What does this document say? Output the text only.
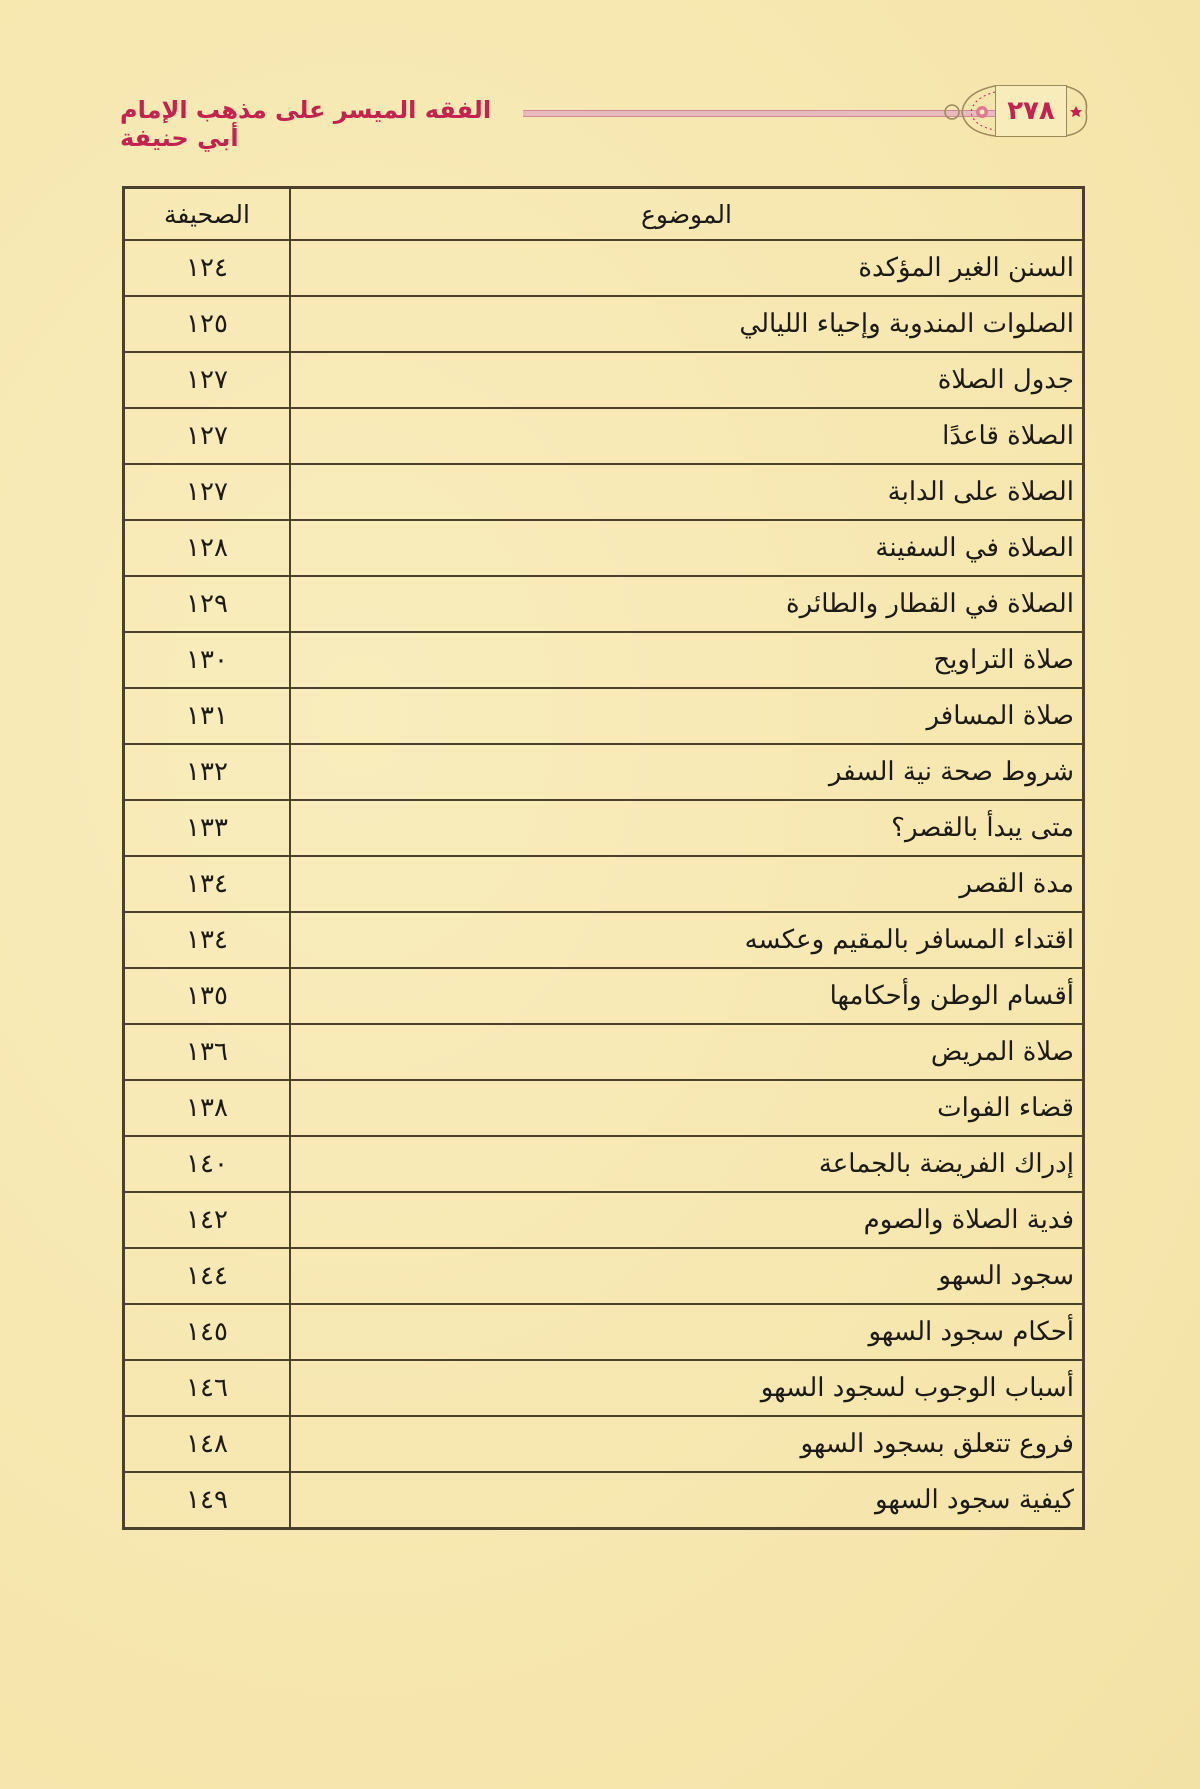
الفقه الميسر على مذهب الإمام أبي حنيفة
٢٧٨
الموضوع	الصحيفة
السنن الغير المؤكدة	١٢٤
الصلوات المندوبة وإحياء الليالي	١٢٥
جدول الصلاة	١٢٧
الصلاة قاعدًا	١٢٧
الصلاة على الدابة	١٢٧
الصلاة في السفينة	١٢٨
الصلاة في القطار والطائرة	١٢٩
صلاة التراويح	١٣٠
صلاة المسافر	١٣١
شروط صحة نية السفر	١٣٢
متى يبدأ بالقصر؟	١٣٣
مدة القصر	١٣٤
اقتداء المسافر بالمقيم وعكسه	١٣٤
أقسام الوطن وأحكامها	١٣٥
صلاة المريض	١٣٦
قضاء الفوات	١٣٨
إدراك الفريضة بالجماعة	١٤٠
فدية الصلاة والصوم	١٤٢
سجود السهو	١٤٤
أحكام سجود السهو	١٤٥
أسباب الوجوب لسجود السهو	١٤٦
فروع تتعلق بسجود السهو	١٤٨
كيفية سجود السهو	١٤٩
